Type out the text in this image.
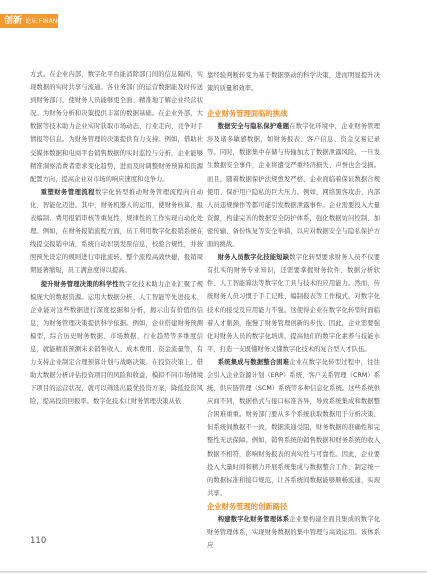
创新 论坛 FINANCE

方式。在企业内部，数字化平台能消除部门间的信息隔阂，实现数据的实时共享与流通。各业务部门的运营数据能及时传送到财务部门，使财务人员能够更全面、精准地了解企业经营状况。为财务分析和决策提供丰富的数据基础。在企业外部，大数据等技术助力企业实时获取市场动态、行业走向、竞争对手情报等信息。为财务管理的决策提供有力支持。例如，借助社交媒体数据和电商平台销售数据的实时监控与分析，企业能够精准洞察消费者需求变化趋势，进而及时调整财务预算和资源配置方向，提高企业对市场的响应速度和竞争力。

重塑财务管理流程数字化转型推动财务管理流程向自动化、智能化迈进。其中，财务机器人的运用，使财务核算、报表编制、费用报销审核等重复性、规律性的工作实现自动化处理。例如，在财务报销流程方面，员工利用数字化报销系统在线提交报销申请，系统自动识别发票信息，校验合规性，并按照预先设定的规则进行审批流转。整个流程高效快捷，报销周期显著缩短，员工满意度得以提高。

提升财务管理决策的科学性数字化技术助力企业汇聚了规模庞大的数据资源。运用大数据分析、人工智能等先进技术，企业能对这些数据进行深度挖掘和分析，揭示出有价值的信息，为财务管理决策提供科学依据。例如，企业搭建财务预测模型，综合历史财务数据、市场数据、行业趋势等多维度信息，就能精准预测未来销售收入、成本费用、资金流量等，有力支持企业制定合理预算计划与战略决策。在投资决策上，借助大数据分析评估投资项目的风险和收益，模拟不同市场情境下项目的运营状况，就可以筛选出最优投资方案，降低投资风险，提高投资回报率。数字化技术让财务管理决策从依

靠经验判断转变为基于数据驱动的科学决策，进而明显提升决策的质量和效率。

企业财务管理面临的挑战

数据安全与隐私保护难题在数字化环境中，企业财务管理涉及诸多敏感数据，如财务报表、客户信息、资金交易记录等。同时，数据集中存储与传输加大了数据泄露风险，一旦发生数据安全事件，企业将遭受严重经济损失、声誉也会受损。而且，随着数据保护法规愈发严格，企业面临着保证数据合规使用、保护用户隐私的巨大压力。例如，网络黑客攻击、内部人员违规操作等都可能引发数据泄露事件。企业需要投入大量资源，构建完善的数据安全防护体系，强化数据访问控制、加密传输、备份恢复等安全举措，以应对数据安全与隐私保护方面的挑战。

财务人员数字化技能短缺数字化转型要求财务人员不仅要有扎实的财务专业知识，还需要掌握财务软件、数据分析软件、人工智能算法等数字化工具与技术的应用能力。然而，传统财务人员习惯于手工记账、编制报表等工作模式，对数字化技术的接受及应用能力不强。这使得企业在数字化转型时面临着人才瓶颈，拖慢了财务管理创新的步伐。因此，企业需要强化对财务人员的数字化培训，提高他们的数字化素养与技能水平，打造一支既懂财务又懂数字化技术的复合型人才队伍。

系统集成与数据整合困难企业在数字化转型过程中，往往会引入企业资源计划（ERP）系统、客户关系管理（CRM）系统、供应链管理（SCM）系统等多种信息化系统。这些系统供应商不同，数据格式与接口标准各异，导致系统集成和数据整合困难重重。财务部门要从多个系统获取数据用于分析决策，但系统间数据不一致，数据流通受阻，财务数据的准确性和完整性无法保障。例如，销售系统的销售数据和财务系统的收入数据不相符，影响财务报表的真实性与可靠性。因此，企业要投入大量时间和精力开展系统集成与数据整合工作，制定统一的数据标准和接口规范，让各系统间数据能够顺畅流通、实现共享。

企业财务管理的创新路径

构建数字化财务管理体系企业要构建全面且集成的数字化财务管理体系，实现财务数据的集中管理与高效运用。该体系应

110
